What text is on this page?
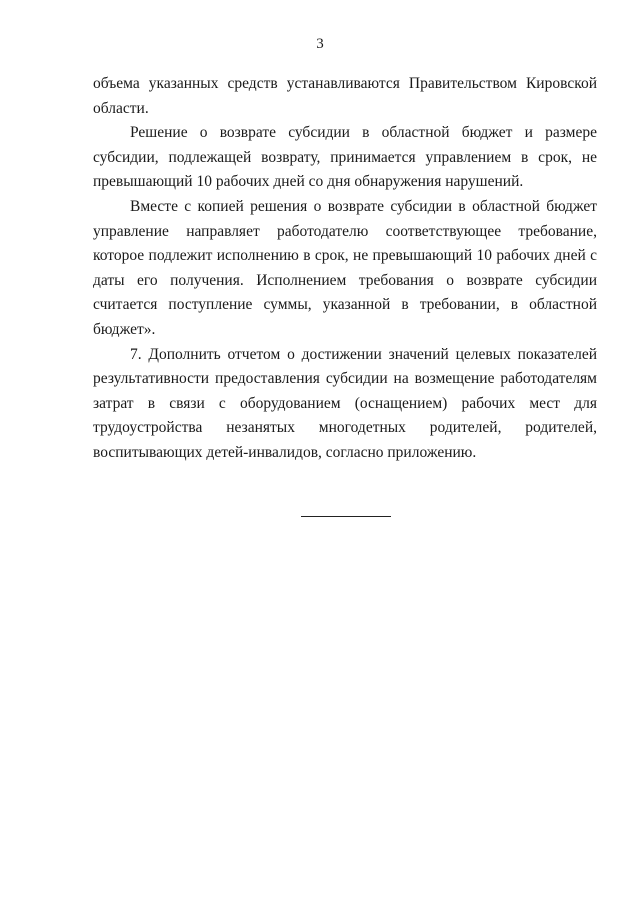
3

объема указанных средств устанавливаются Правительством Кировской области.

Решение о возврате субсидии в областной бюджет и размере субсидии, подлежащей возврату, принимается управлением в срок, не превышающий 10 рабочих дней со дня обнаружения нарушений.

Вместе с копией решения о возврате субсидии в областной бюджет управление направляет работодателю соответствующее требование, которое подлежит исполнению в срок, не превышающий 10 рабочих дней с даты его получения. Исполнением требования о возврате субсидии считается поступление суммы, указанной в требовании, в областной бюджет».

7. Дополнить отчетом о достижении значений целевых показателей результативности предоставления субсидии на возмещение работодателям затрат в связи с оборудованием (оснащением) рабочих мест для трудоустройства незанятых многодетных родителей, родителей, воспитывающих детей-инвалидов, согласно приложению.
